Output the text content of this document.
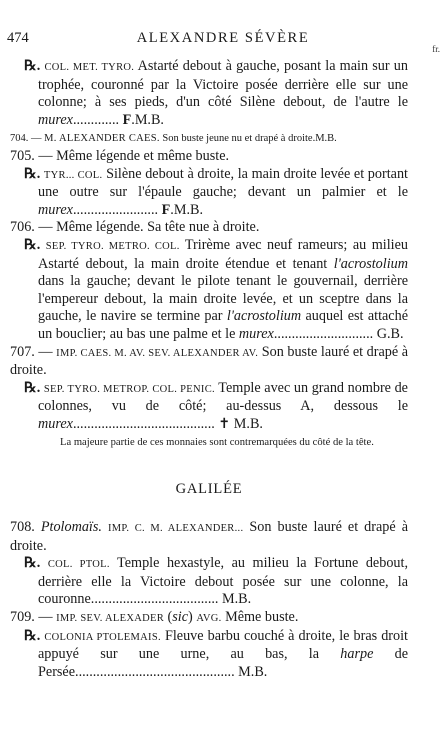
474	ALEXANDRE SÉVÈRE
fr.

℞. COL. MET. TYRO. Astarté debout à gauche, posant la main sur un trophée, couronné par la Victoire posée derrière elle sur une colonne; à ses pieds, d'un côté Silène debout, de l'autre le murex............. F.M.B.

704. — M. ALEXANDER CAES. Son buste jeune nu et drapé à droite.M.B.

705. — Même légende et même buste.

℞. TYR... COL. Silène debout à droite, la main droite levée et portant une outre sur l'épaule gauche; devant un palmier et le murex........................ F.M.B.

706. — Même légende. Sa tête nue à droite.

℞. SEP. TYRO. METRO. COL. Trirème avec neuf rameurs; au milieu Astarté debout, la main droite étendue et tenant l'acrostolium dans la gauche; devant le pilote tenant le gouvernail, derrière l'empereur debout, la main droite levée, et un sceptre dans la gauche, le navire se termine par l'acrostolium auquel est attaché un bouclier; au bas une palme et le murex............................ G.B.

707. — IMP. CAES. M. AV. SEV. ALEXANDER AV. Son buste lauré et drapé à droite.

℞. SEP. TYRO. METROP. COL. PENIC. Temple avec un grand nombre de colonnes, vu de côté; au-dessus A, dessous le murex........................................ ✝ M.B.

La majeure partie de ces monnaies sont contremarquées du côté de la tête.

GALILÉE

708. Ptolomaïs. IMP. C. M. ALEXANDER... Son buste lauré et drapé à droite.

℞. COL. PTOL. Temple hexastyle, au milieu la Fortune debout, derrière elle la Victoire debout posée sur une colonne, la couronne.................................... M.B.

709. — IMP. SEV. ALEXADER (sic) AVG. Même buste.

℞. COLONIA PTOLEMAIS. Fleuve barbu couché à droite, le bras droit appuyé sur une urne, au bas, la harpe de Persée............................................. M.B.
